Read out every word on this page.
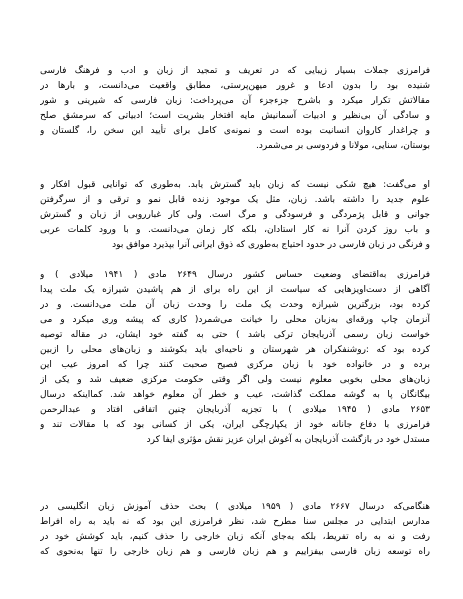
فرامرزی جملات بسیار زیبایی که در تعریف و تمجید از زبان و ادب و فرهنگ فارسی
شنیده بود را بدون ادعا و غرور میهن‌پرستی، مطابق واقعیت می‌دانست، و بارها در
مقالاتش تکرار میکرد و باشرح جزءجزء آن می‌پرداخت: زبان فارسی که شیرینی و شور
و سادگی آن بی‌نظیر و ادبیات آسمانیش مایه افتخار بشریت است؛ ادبیاتی که سرمشق صلح
و چراغدار کاروان انسانیت بوده است و نمونه‌ی کامل برای تأیید این سخن را، گلستان و
بوستان، سنایی، مولانا و فردوسی بر می‌شمرد.
او می‌گفت: هیچ شکی نیست که زبان باید گسترش یابد. به‌طوری که توانایی قبول افکار و
علوم جدید را داشته باشد. زبان، مثل یک موجود زنده قابل نمو و ترقی و از سرگرفتن
جوانی و قابل پژمردگی و فرسودگی و مرگ است. ولی کار غبارروبی از زبان و گسترش
و باب روز کردن آنرا نه کار استادان، بلکه کار زمان می‌دانست. و با ورود کلمات عربی
و فرنگی در زبان فارسی در حدود احتیاج به‌طوری که ذوق ایرانی آنرا بپذیرد موافق بود
فرامرزی به‌اقتضای وضعیت حساس کشور درسال ۲۶۴۹ مادی ( ۱۹۴۱ میلادی ) و
آگاهی از دست‌اویزهایی که سیاست از این راه برای از هم پاشیدن شیرازه یک ملت پیدا
کرده بود، بزرگترین شیرازه وحدت یک ملت را وحدت زبان آن ملت می‌دانست. و در
آنزمان چاپ ورقه‌ای به‌زبان محلی را خیانت می‌شمرد( کاری که پیشه وری میکرد و می
خواست زبان رسمی آذربایجان ترکی باشد ) حتی به گفته خود ایشان، در مقاله توصیه
کرده بود که :روشنفکران هر شهرستان و ناحیه‌ای باید بکوشند و زبان‌های محلی را ازبین
برده و در خانواده خود با زبان مرکزی فصیح صحبت کنند چرا که امروز عیب این
زبان‌های محلی بخوبی معلوم نیست ولی اگر وقتی حکومت مرکزی ضعیف شد و یکی از
بیگانگان پا به گوشه مملکت گذاشت، عیب و خطر آن معلوم خواهد شد. کمااینکه درسال
۲۶۵۳ مادی ( ۱۹۴۵ میلادی ) با تجزیه آذربایجان چنین اتفاقی افتاد و عبدالرحمن
فرامرزی با دفاع جانانه خود از یکپارچگی ایران، یکی از کسانی بود که با مقالات تند و
مستدل خود در بازگشت آذربایجان به آغوش ایران عزیز نقش مؤثری ایفا کرد
هنگامی‌که درسال ۲۶۶۷ مادی ( ۱۹۵۹ میلادی ) بحث حذف آموزش زبان انگلیسی در
مدارس ابتدایی در مجلس سنا مطرح شد، نظر فرامرزی این بود که نه باید به راه افراط
رفت و نه به راه تفریط، بلکه به‌جای آنکه زبان خارجی را حذف کنیم، باید کوشش خود در
راه توسعه زبان فارسی بیفزاییم و هم زبان فارسی و هم زبان خارجی را تنها به‌نحوی که
